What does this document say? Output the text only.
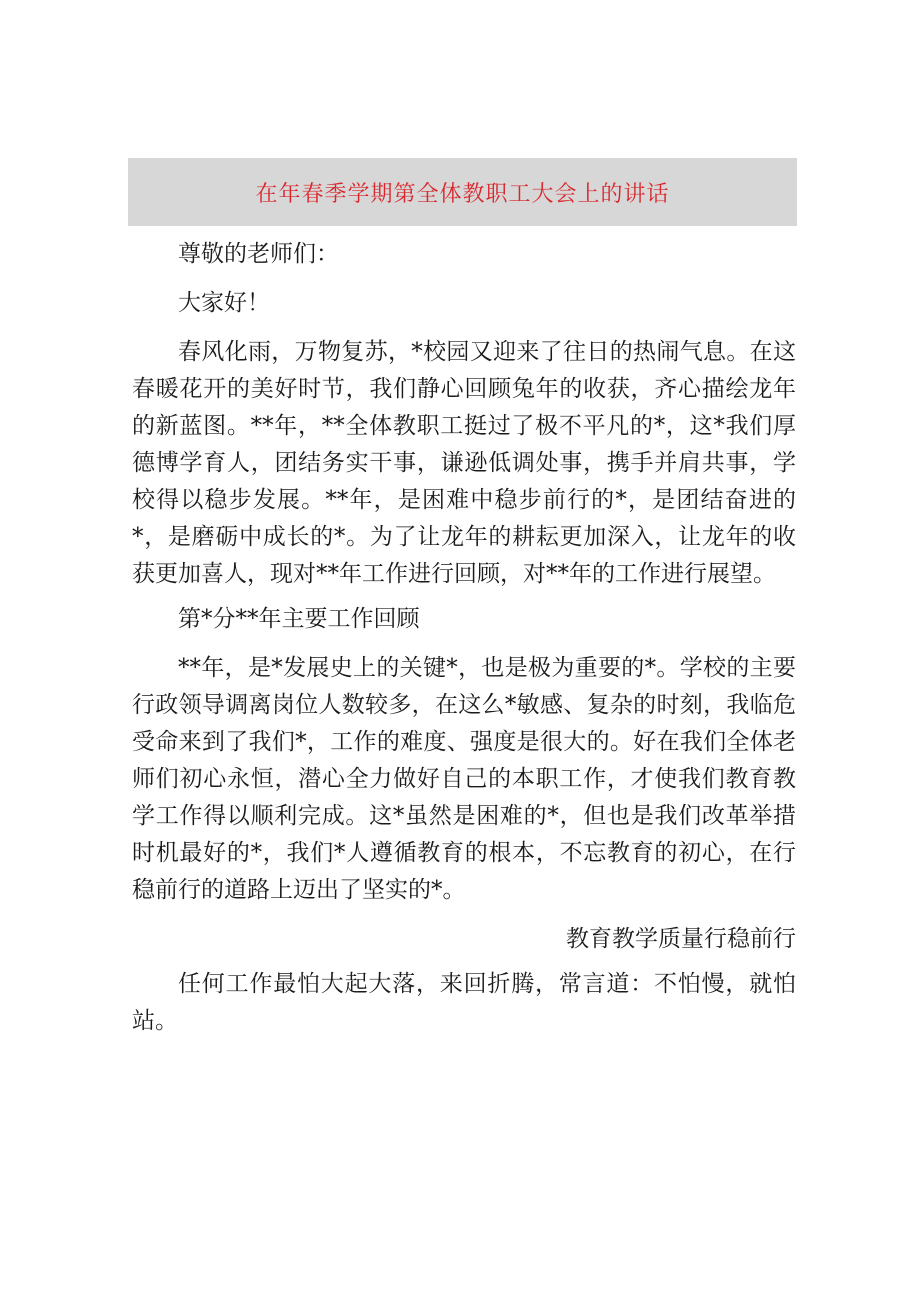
在年春季学期第全体教职工大会上的讲话

尊敬的老师们：

大家好！

春风化雨，万物复苏，*校园又迎来了往日的热闹气息。在这春暖花开的美好时节，我们静心回顾兔年的收获，齐心描绘龙年的新蓝图。**年，**全体教职工挺过了极不平凡的*，这*我们厚德博学育人，团结务实干事，谦逊低调处事，携手并肩共事，学校得以稳步发展。**年，是困难中稳步前行的*，是团结奋进的*，是磨砺中成长的*。为了让龙年的耕耘更加深入，让龙年的收获更加喜人，现对**年工作进行回顾，对**年的工作进行展望。

第*分**年主要工作回顾

**年，是*发展史上的关键*，也是极为重要的*。学校的主要行政领导调离岗位人数较多，在这么*敏感、复杂的时刻，我临危受命来到了我们*，工作的难度、强度是很大的。好在我们全体老师们初心永恒，潜心全力做好自己的本职工作，才使我们教育教学工作得以顺利完成。这*虽然是困难的*，但也是我们改革举措时机最好的*，我们*人遵循教育的根本，不忘教育的初心，在行稳前行的道路上迈出了坚实的*。

教育教学质量行稳前行

任何工作最怕大起大落，来回折腾，常言道：不怕慢，就怕站。
